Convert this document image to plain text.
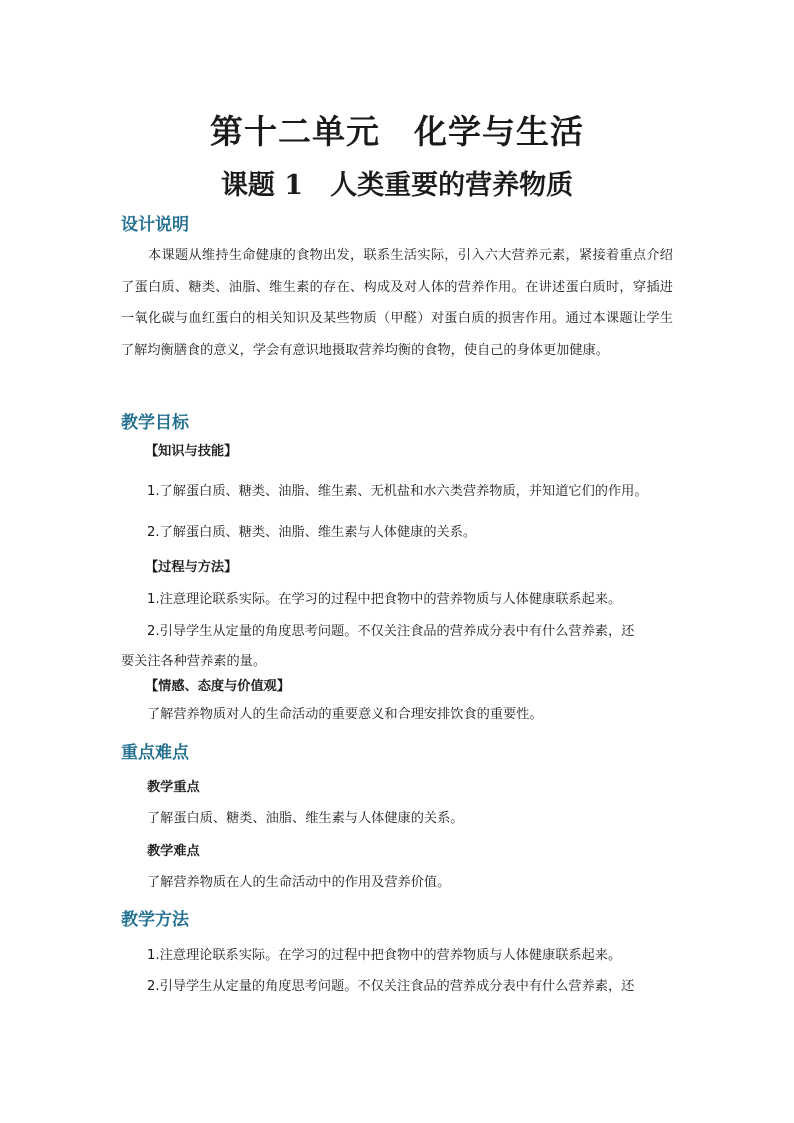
第十二单元　化学与生活
课题 1　人类重要的营养物质
设计说明
本课题从维持生命健康的食物出发，联系生活实际，引入六大营养元素，紧接着重点介绍了蛋白质、糖类、油脂、维生素的存在、构成及对人体的营养作用。在讲述蛋白质时，穿插进一氧化碳与血红蛋白的相关知识及某些物质（甲醛）对蛋白质的损害作用。通过本课题让学生了解均衡膳食的意义，学会有意识地摄取营养均衡的食物，使自己的身体更加健康。
教学目标
【知识与技能】
1.了解蛋白质、糖类、油脂、维生素、无机盐和水六类营养物质，并知道它们的作用。
2.了解蛋白质、糖类、油脂、维生素与人体健康的关系。
【过程与方法】
1.注意理论联系实际。在学习的过程中把食物中的营养物质与人体健康联系起来。
2.引导学生从定量的角度思考问题。不仅关注食品的营养成分表中有什么营养素，还
要关注各种营养素的量。
【情感、态度与价值观】
了解营养物质对人的生命活动的重要意义和合理安排饮食的重要性。
重点难点
教学重点
了解蛋白质、糖类、油脂、维生素与人体健康的关系。
教学难点
了解营养物质在人的生命活动中的作用及营养价值。
教学方法
1.注意理论联系实际。在学习的过程中把食物中的营养物质与人体健康联系起来。
2.引导学生从定量的角度思考问题。不仅关注食品的营养成分表中有什么营养素，还
